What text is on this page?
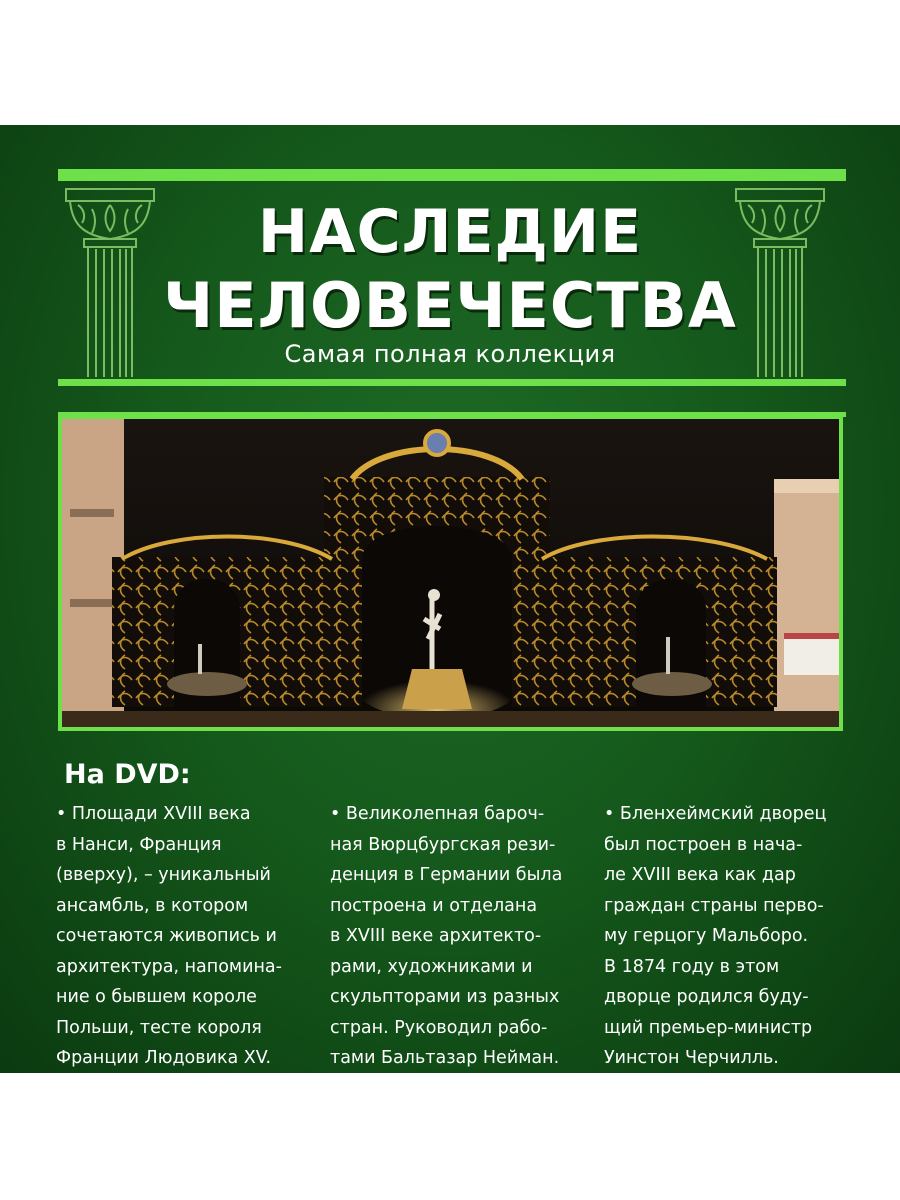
НАСЛЕДИЕ
ЧЕЛОВЕЧЕСТВА

Самая полная коллекция

На DVD:
• Площади XVIII века
в Нанси, Франция
(вверху), – уникальный
ансамбль, в котором
сочетаются живопись и
архитектура, напомина-
ние о бывшем короле
Польши, тесте короля
Франции Людовика XV.
• Великолепная бароч-
ная Вюрцбургская рези-
денция в Германии была
построена и отделана
в XVIII веке архитекто-
рами, художниками и
скульпторами из разных
стран. Руководил рабо-
тами Бальтазар Нейман.
• Бленхеймский дворец
был построен в нача-
ле XVIII века как дар
граждан страны перво-
му герцогу Мальборо.
В 1874 году в этом
дворце родился буду-
щий премьер-министр
Уинстон Черчилль.
